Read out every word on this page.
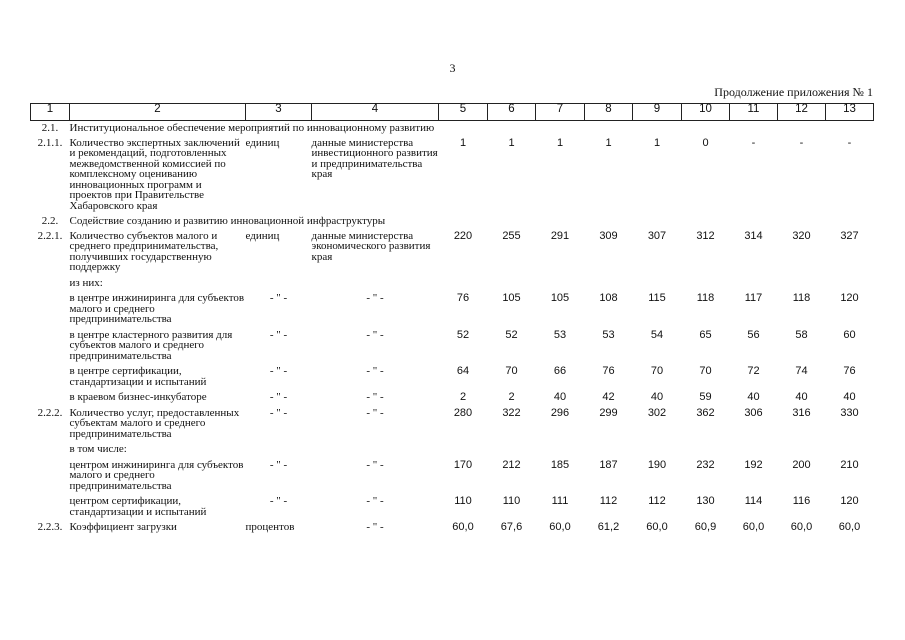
3
Продолжение приложения № 1
1	2	3	4	5	6	7	8	9	10	11	12	13
2.1.	Институциональное обеспечение мероприятий по инновационному развитию											
2.1.1.	Количество экспертных заключений и рекомендаций, подготовленных межведомственной комиссией по комплексному оцениванию инновационных программ и проектов при Правительстве Хабаровского края	единиц	данные министерства инвестиционного развития и предпринимательства края	1	1	1	1	1	0	-	-	-
2.2.	Содействие созданию и развитию инновационной инфраструктуры											
2.2.1.	Количество субъектов малого и среднего предпринимательства, получивших государственную поддержку	единиц	данные министерства экономического развития края	220	255	291	309	307	312	314	320	327
	из них:											
	в центре инжиниринга для субъектов малого и среднего предпринимательства	- " -	- " -	76	105	105	108	115	118	117	118	120
	в центре кластерного развития для субъектов малого и среднего предпринимательства	- " -	- " -	52	52	53	53	54	65	56	58	60
	в центре сертификации, стандартизации и испытаний	- " -	- " -	64	70	66	76	70	70	72	74	76
	в краевом бизнес-инкубаторе	- " -	- " -	2	2	40	42	40	59	40	40	40
2.2.2.	Количество услуг, предоставленных субъектам малого и среднего предпринимательства	- " -	- " -	280	322	296	299	302	362	306	316	330
	в том числе:											
	центром инжиниринга для субъектов малого и среднего предпринимательства	- " -	- " -	170	212	185	187	190	232	192	200	210
	центром сертификации, стандартизации и испытаний	- " -	- " -	110	110	111	112	112	130	114	116	120
2.2.3.	Коэффициент загрузки	процентов	- " -	60,0	67,6	60,0	61,2	60,0	60,9	60,0	60,0	60,0
